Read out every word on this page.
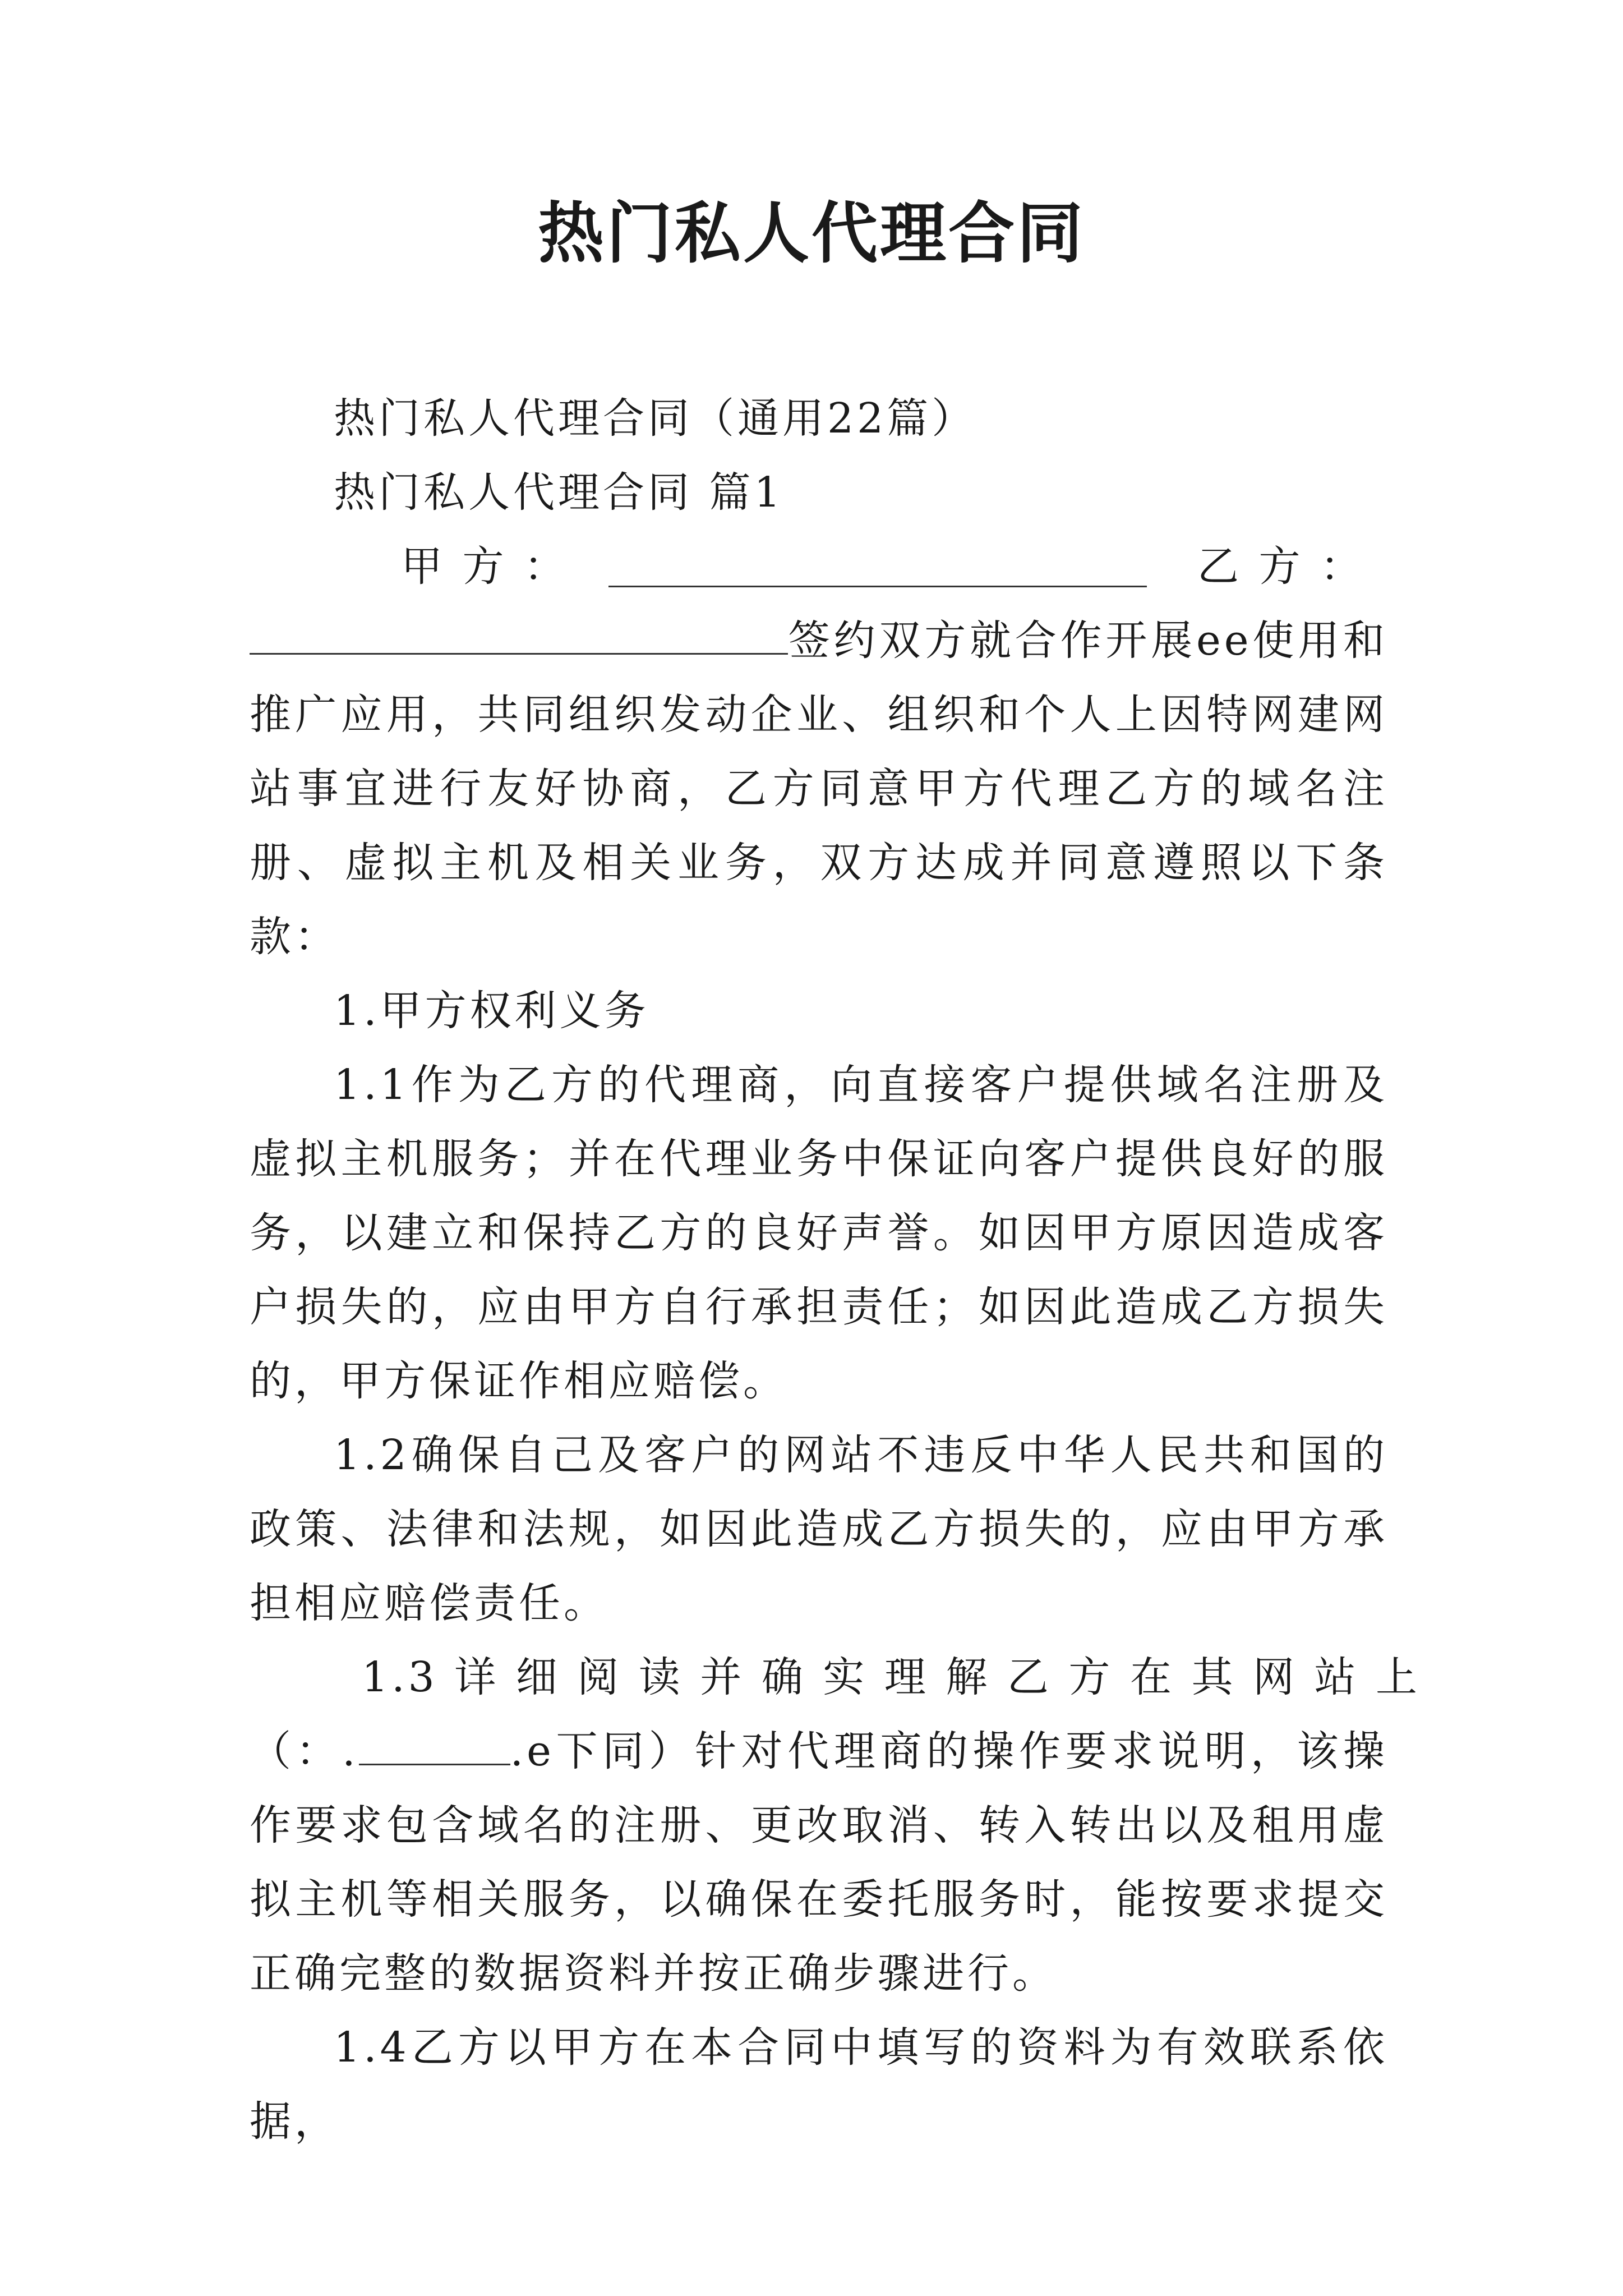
热门私人代理合同

热门私人代理合同（通用22篇）

热门私人代理合同 篇1

甲 方 ：	乙 方 ：

签约双方就合作开展ee使用和推广应用，共同组织发动企业、组织和个人上因特网建网站事宜进行友好协商，乙方同意甲方代理乙方的域名注册、虚拟主机及相关业务，双方达成并同意遵照以下条款：

1.甲方权利义务

1.1作为乙方的代理商，向直接客户提供域名注册及虚拟主机服务；并在代理业务中保证向客户提供良好的服务，以建立和保持乙方的良好声誉。如因甲方原因造成客户损失的，应由甲方自行承担责任；如因此造成乙方损失的，甲方保证作相应赔偿。

1.2确保自己及客户的网站不违反中华人民共和国的政策、法律和法规，如因此造成乙方损失的，应由甲方承担相应赔偿责任。

1.3 详 细 阅 读 并 确 实 理 解 乙 方 在 其 网 站 上

（：.	.e下同）针对代理商的操作要求说明，该操作要求包含域名的注册、更改取消、转入转出以及租用虚拟主机等相关服务，以确保在委托服务时，能按要求提交正确完整的数据资料并按正确步骤进行。

1.4乙方以甲方在本合同中填写的资料为有效联系依据，
